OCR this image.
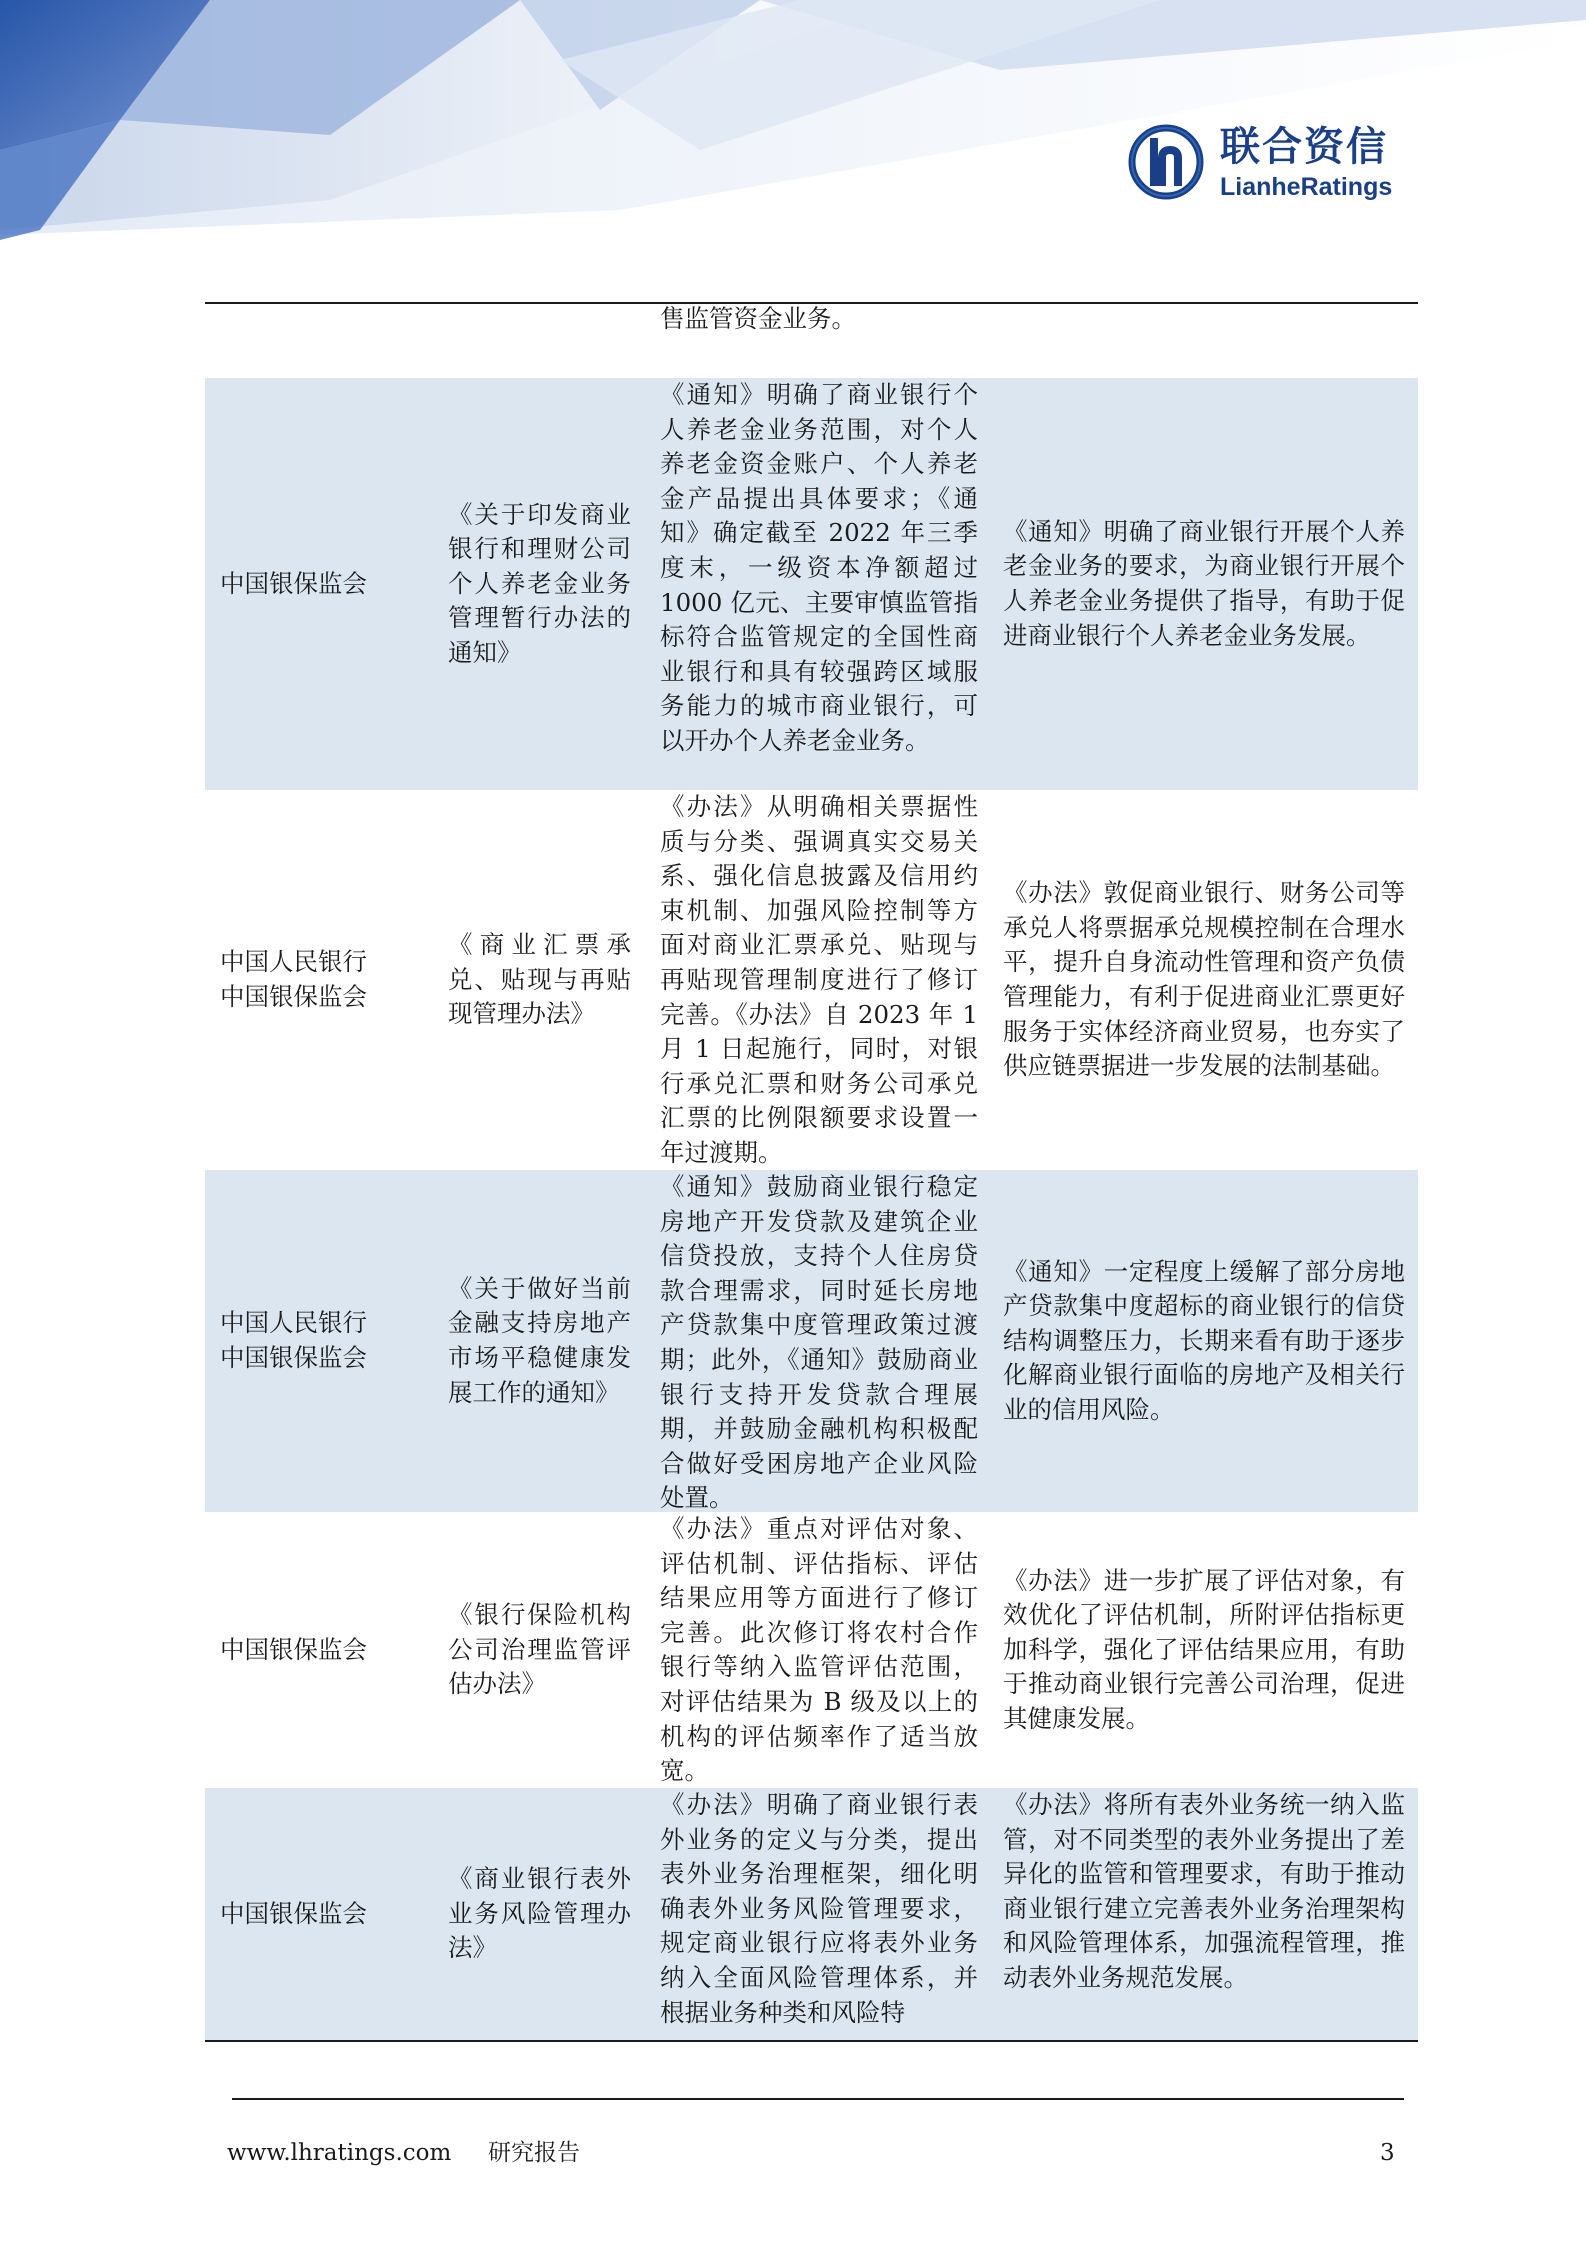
联合资信
LianheRatings
售监管资金业务。

中国银保监会

《关于印发商业银行和理财公司个人养老金业务管理暂行办法的通知》

《通知》明确了商业银行个人养老金业务范围，对个人养老金资金账户、个人养老金产品提出具体要求；《通知》确定截至 2022 年三季度末，一级资本净额超过 1000 亿元、主要审慎监管指标符合监管规定的全国性商业银行和具有较强跨区域服务能力的城市商业银行，可以开办个人养老金业务。

《通知》明确了商业银行开展个人养老金业务的要求，为商业银行开展个人养老金业务提供了指导，有助于促进商业银行个人养老金业务发展。

中国人民银行
中国银保监会

《商业汇票承兑、贴现与再贴现管理办法》

《办法》从明确相关票据性质与分类、强调真实交易关系、强化信息披露及信用约束机制、加强风险控制等方面对商业汇票承兑、贴现与再贴现管理制度进行了修订完善。《办法》自 2023 年 1 月 1 日起施行，同时，对银行承兑汇票和财务公司承兑汇票的比例限额要求设置一年过渡期。

《办法》敦促商业银行、财务公司等承兑人将票据承兑规模控制在合理水平，提升自身流动性管理和资产负债管理能力，有利于促进商业汇票更好服务于实体经济商业贸易，也夯实了供应链票据进一步发展的法制基础。

中国人民银行
中国银保监会

《关于做好当前金融支持房地产市场平稳健康发展工作的通知》

《通知》鼓励商业银行稳定房地产开发贷款及建筑企业信贷投放，支持个人住房贷款合理需求，同时延长房地产贷款集中度管理政策过渡期；此外，《通知》鼓励商业银行支持开发贷款合理展期，并鼓励金融机构积极配合做好受困房地产企业风险处置。

《通知》一定程度上缓解了部分房地产贷款集中度超标的商业银行的信贷结构调整压力，长期来看有助于逐步化解商业银行面临的房地产及相关行业的信用风险。

中国银保监会

《银行保险机构公司治理监管评估办法》

《办法》重点对评估对象、评估机制、评估指标、评估结果应用等方面进行了修订完善。此次修订将农村合作银行等纳入监管评估范围，对评估结果为 B 级及以上的机构的评估频率作了适当放宽。

《办法》进一步扩展了评估对象，有效优化了评估机制，所附评估指标更加科学，强化了评估结果应用，有助于推动商业银行完善公司治理，促进其健康发展。

中国银保监会

《商业银行表外业务风险管理办法》

《办法》明确了商业银行表外业务的定义与分类，提出表外业务治理框架，细化明确表外业务风险管理要求，规定商业银行应将表外业务纳入全面风险管理体系，并根据业务种类和风险特
《办法》将所有表外业务统一纳入监管，对不同类型的表外业务提出了差异化的监管和管理要求，有助于推动商业银行建立完善表外业务治理架构和风险管理体系，加强流程管理，推动表外业务规范发展。
www.lhratings.com 研究报告	3
